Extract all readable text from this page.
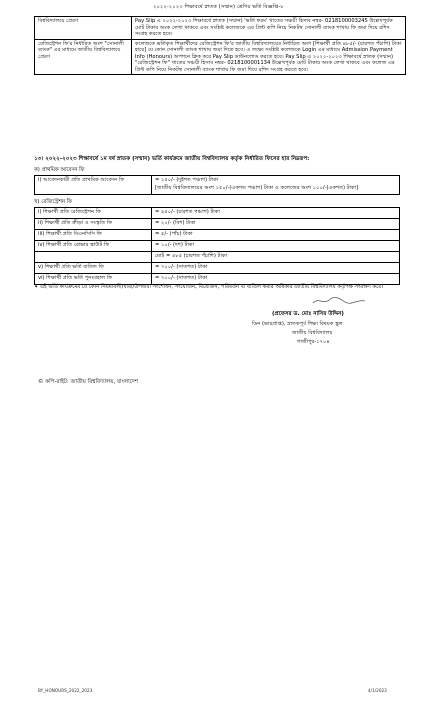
২০২২-২০২৩ শিক্ষাবর্ষে স্নাতক (সম্মান) শ্রেণির ভর্তি বিজ্ঞপ্তি-৮
বিশ্ববিদ্যালয়ে প্রেরণ	Pay Slip এ ২০২২-২০২৩ শিক্ষাবর্ষে স্নাতক (সম্মান) 'ভর্তি ফরম' খাতের সঞ্চয়ী হিসাব নম্বর- 0218100003245 উল্লেখপূর্বক মোট টাকার অংক লেখা থাকবে এবং সংশ্লিষ্ট কলেজকে এর প্রিন্ট কপি নিয়ে নিকটস্থ সোনালী ব্যাংক শাখায় ফি জমা দিয়ে রশিদ সংগ্রহ করতে হবে।
রেজিস্ট্রেশন ফি'র নির্ধারিত অংশ "সোনালী ব্যাংক" এর মাধ্যমে জাতীয় বিশ্ববিদ্যালয়ে প্রেরণ	কলেজকে ভর্তিকৃত শিক্ষার্থীদের রেজিস্ট্রেশন ফি'র জাতীয় বিশ্ববিদ্যালয়ের নির্ধারিত অংশ [শিক্ষার্থী প্রতি ৪৮৫/- (চারশত পঁচাশি) টাকা হারে] যে কোন সোনালী ব্যাংক শাখায় জমা দিতে হবে। এ লক্ষ্যে সংশ্লিষ্ট কলেজকে Login এর মাধ্যমে Admission Payment Info (Honours) অপশনে ক্লিক করে Pay Slip ডাউনলোড করতে হবে। Pay Slip এ ২০২২-২০২৩ শিক্ষাবর্ষে স্নাতক (সম্মান) "রেজিস্ট্রেশন ফি" খাতের সঞ্চয়ী হিসাব নম্বর- 0218100001134 উল্লেখপূর্বক মোট টাকার অংক লেখা থাকবে এবং কলেজ এর প্রিন্ট কপি নিয়ে নিকটস্থ সোনালী ব্যাংক শাখায় ফি জমা দিয়ে রশিদ সংগ্রহ করতে হবে।
১৩। ২০২২-২০২৩ শিক্ষাবর্ষে ১ম বর্ষ স্নাতক (সম্মান) ভর্তি কার্যক্রমে জাতীয় বিশ্ববিদ্যালয় কর্তৃক নির্ধারিত ফিসের হার নিম্নরূপ:
ক) প্রাথমিক আবেদন ফি
i) আবেদনকারী প্রতি প্রাথমিক আবেদন ফি	= ২৫০/- (দুইশত পঞ্চাশ) টাকা
[জাতীয় বিশ্ববিদ্যালয়ের অংশ ১৫০/-(একশত পঞ্চাশ) টাকা ও কলেজের অংশ ১০০/-(একশত) টাকা]
খ) রেজিস্ট্রেশন ফি
i) শিক্ষার্থী প্রতি রেজিস্ট্রেশন ফি	= ৪৫০/- (চারশত পঞ্চাশ) টাকা
ii) শিক্ষার্থী প্রতি ক্রীড়া ও সংস্কৃতি ফি	= ২০/- (বিশ) টাকা
iii) শিক্ষার্থী প্রতি বিএনসিসি ফি	= ৫/- (পাঁচ) টাকা
iv) শিক্ষার্থী প্রতি রোভার স্কাউট ফি	= ১০/- (দশ) টাকা
	মোট = ৪৮৫ (চারশত পঁচাশি) টাকা
v) শিক্ষার্থী প্রতি ভর্তি বাতিল ফি	= ৭০০/- (সাতশত) টাকা
vi) শিক্ষার্থী প্রতি ভর্তি পুনঃবহাল ফি	= ৭০০/- (সাতশত) টাকা
➧ এই ভর্তি কার্যক্রমের যে কোন নিয়মাবলী/ধারা/উপধারা সংশোধন, সংযোজন, বিয়োজন, পরিবর্তন বা বাতিল করার অধিকার জাতীয় বিশ্ববিদ্যালয় কর্তৃপক্ষ সংরক্ষণ করে।
(প্রফেসর ড. মোঃ নাসির উদ্দিন)
ডিন (ভারপ্রাপ্ত), স্নাতকপূর্ব শিক্ষা বিষয়ক স্কুল
জাতীয় বিশ্ববিদ্যালয়
গাজীপুর-১৭০৪
© কপি-রাইট: জাতীয় বিশ্ববিদ্যালয়, বাংলাদেশ
BY_HONOURS_2022_2023	4/1/2023
